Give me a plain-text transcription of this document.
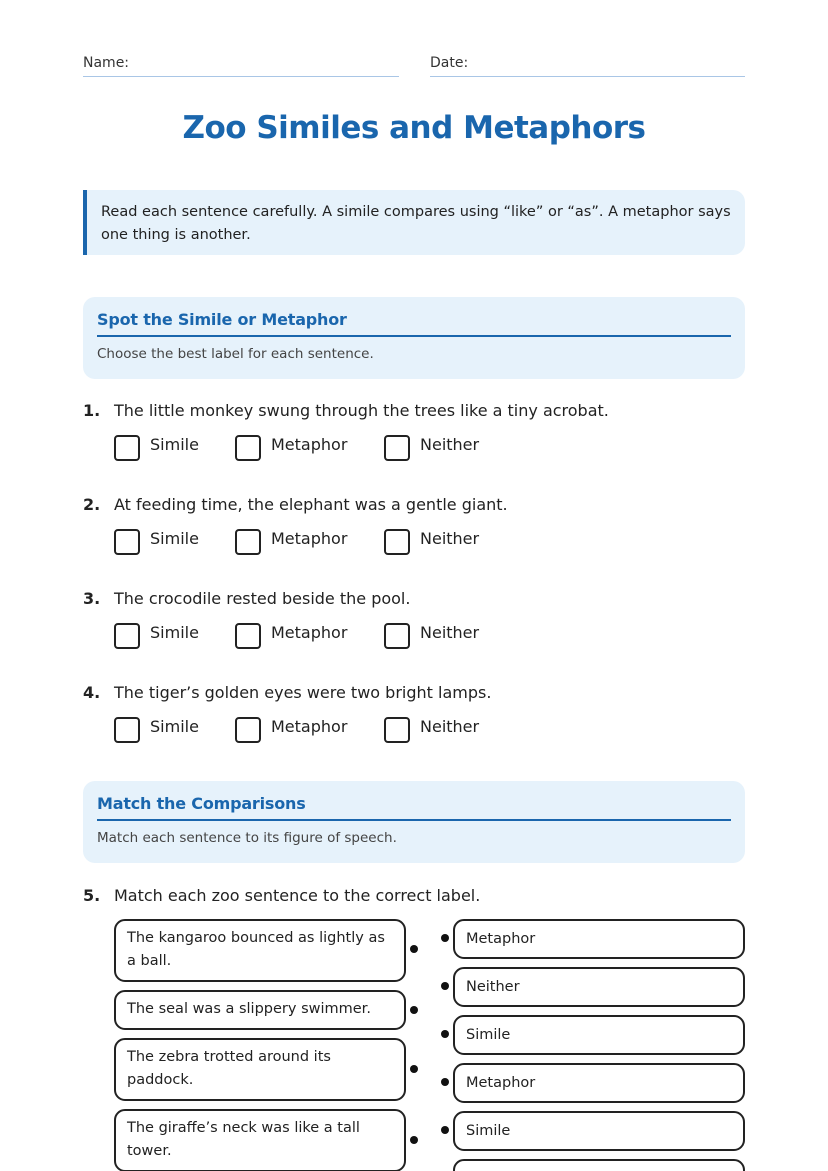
Name:	Date:
Zoo Similes and Metaphors
Read each sentence carefully. A simile compares using “like” or “as”. A metaphor says one thing is another.
Spot the Simile or Metaphor
Choose the best label for each sentence.
1. The little monkey swung through the trees like a tiny acrobat.
Simile	Metaphor	Neither
2. At feeding time, the elephant was a gentle giant.
Simile	Metaphor	Neither
3. The crocodile rested beside the pool.
Simile	Metaphor	Neither
4. The tiger’s golden eyes were two bright lamps.
Simile	Metaphor	Neither
Match the Comparisons
Match each sentence to its figure of speech.
5. Match each zoo sentence to the correct label.
The kangaroo bounced as lightly as a ball.
The seal was a slippery swimmer.
The zebra trotted around its paddock.
The giraffe’s neck was like a tall tower.
Metaphor
Neither
Simile
Metaphor
Simile
